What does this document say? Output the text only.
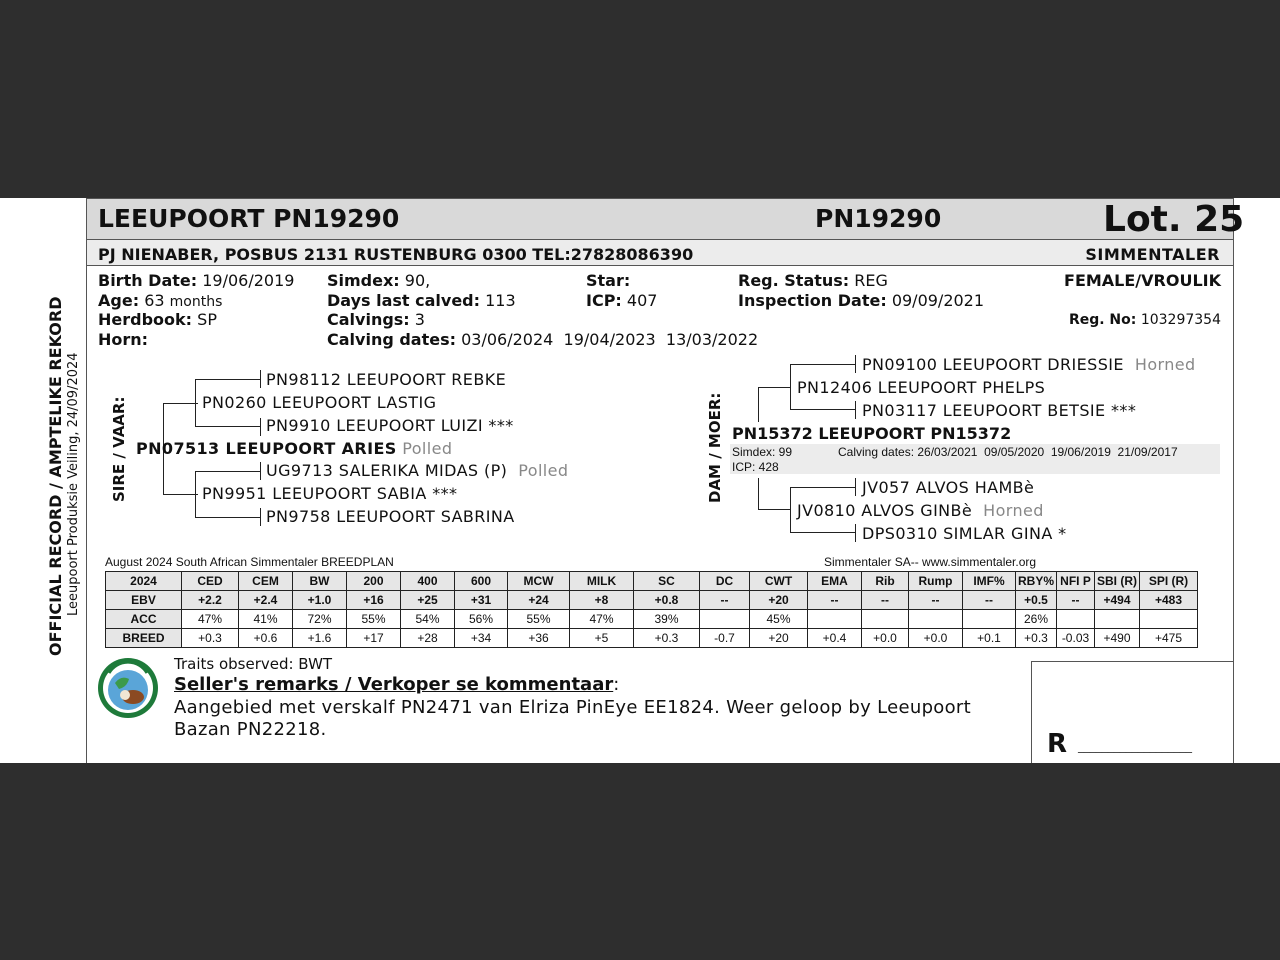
LEEUPOORT PN19290	PN19290	Lot. 25
PJ NIENABER, POSBUS 2131 RUSTENBURG 0300 TEL:27828086390	SIMMENTALER
OFFICIAL RECORD / AMPTELIKE REKORD Leeupoort Produksie Veiling, 24/09/2024
Birth Date: 19/06/2019
Age: 63 months
Herdbook: SP
Horn:
Simdex: 90,
Days last calved: 113
Calvings: 3
Calving dates: 03/06/2024  19/04/2023  13/03/2022
Star:
ICP: 407
Reg. Status: REG
Inspection Date: 09/09/2021
FEMALE/VROULIK
Reg. No: 103297354
SIRE / VAAR:
PN98112 LEEUPOORT REBKE
PN0260 LEEUPOORT LASTIG
PN9910 LEEUPOORT LUIZI ***
PN07513 LEEUPOORT ARIES Polled
UG9713 SALERIKA MIDAS (P) Polled
PN9951 LEEUPOORT SABIA ***
PN9758 LEEUPOORT SABRINA
DAM / MOER:
PN09100 LEEUPOORT DRIESSIE Horned
PN12406 LEEUPOORT PHELPS
PN03117 LEEUPOORT BETSIE ***
PN15372 LEEUPOORT PN15372
Simdex: 99
ICP: 428
Calving dates: 26/03/2021  09/05/2020  19/06/2019  21/09/2017
JV057 ALVOS HAMBè
JV0810 ALVOS GINBè Horned
DPS0310 SIMLAR GINA *
August 2024 South African Simmentaler BREEDPLAN	Simmentaler SA-- www.simmentaler.org
2024	CED	CEM	BW	200	400	600	MCW	MILK	SC	DC	CWT	EMA	Rib	Rump	IMF%	RBY%	NFI P	SBI (R)	SPI (R)
EBV	+2.2	+2.4	+1.0	+16	+25	+31	+24	+8	+0.8	--	+20	--	--	--	--	+0.5	--	+494	+483
ACC	47%	41%	72%	55%	54%	56%	55%	47%	39%		45%					26%			
BREED	+0.3	+0.6	+1.6	+17	+28	+34	+36	+5	+0.3	-0.7	+20	+0.4	+0.0	+0.0	+0.1	+0.3	-0.03	+490	+475
Traits observed: BWT
Seller's remarks / Verkoper se kommentaar:
Aangebied met verskalf PN2471 van Elriza PinEye EE1824. Weer geloop by Leeupoort Bazan PN22218.	R ___________________
